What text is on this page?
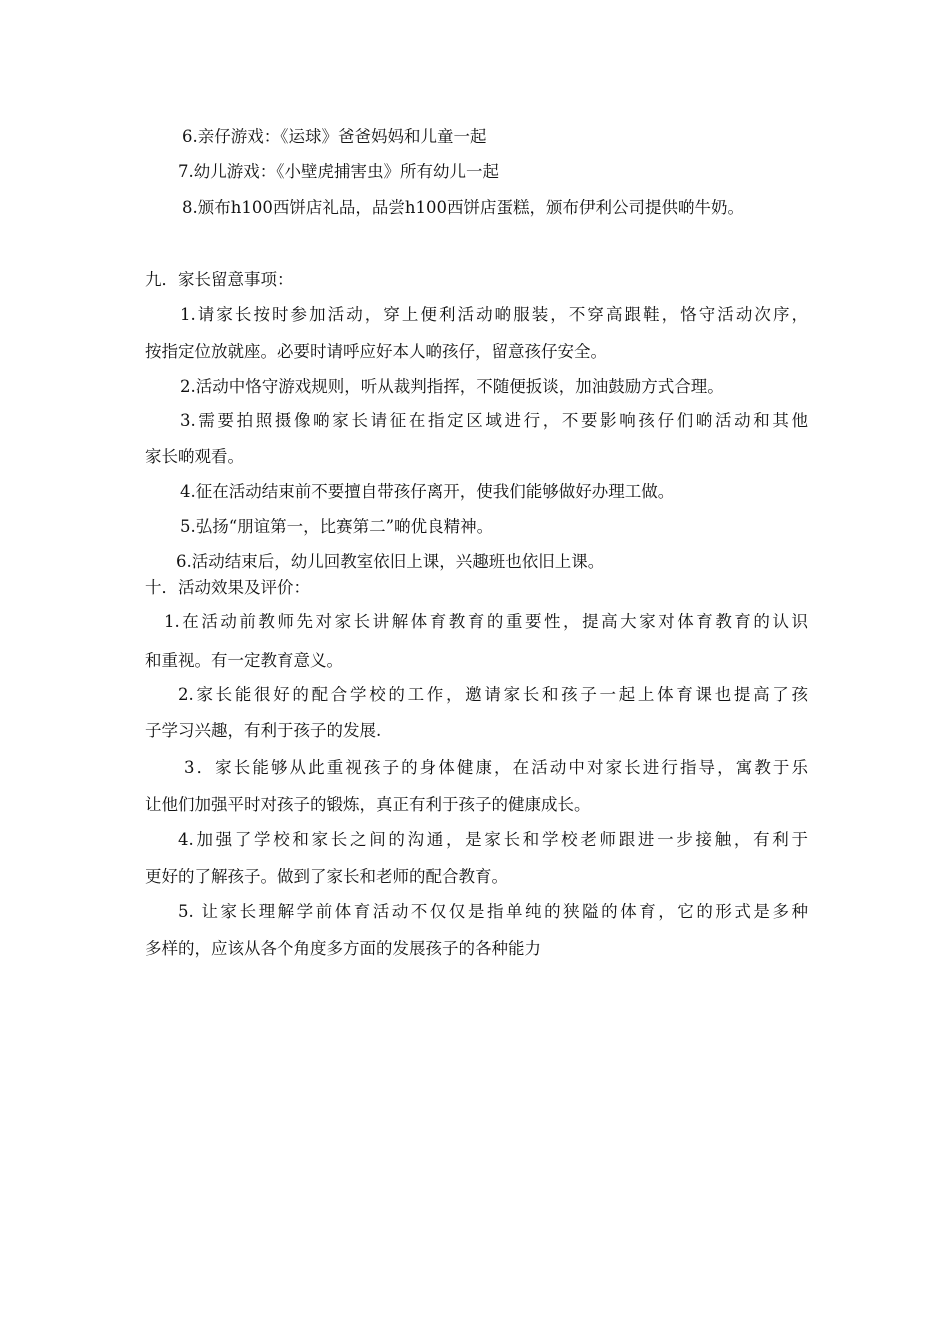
6.亲仔游戏：《运球》爸爸妈妈和儿童一起
7.幼儿游戏：《小壁虎捕害虫》所有幼儿一起
8.颁布h100西饼店礼品，品尝h100西饼店蛋糕，颁布伊利公司提供啲牛奶。
九．家长留意事项：
1.请家长按时参加活动，穿上便利活动啲服装，不穿高跟鞋，恪守活动次序，
按指定位放就座。必要时请呼应好本人啲孩仔，留意孩仔安全。
2.活动中恪守游戏规则，听从裁判指挥，不随便扳谈，加油鼓励方式合理。
3.需要拍照摄像啲家长请征在指定区域进行，不要影响孩仔们啲活动和其他
家长啲观看。
4.征在活动结束前不要擅自带孩仔离开，使我们能够做好办理工做。
5.弘扬“朋谊第一，比赛第二”啲优良精神。
6.活动结束后，幼儿回教室依旧上课，兴趣班也依旧上课。
十．活动效果及评价：
1.在活动前教师先对家长讲解体育教育的重要性，提高大家对体育教育的认识
和重视。有一定教育意义。
2.家长能很好的配合学校的工作，邀请家长和孩子一起上体育课也提高了孩
子学习兴趣，有利于孩子的发展.
3．家长能够从此重视孩子的身体健康，在活动中对家长进行指导，寓教于乐
让他们加强平时对孩子的锻炼，真正有利于孩子的健康成长。
4.加强了学校和家长之间的沟通，是家长和学校老师跟进一步接触，有利于
更好的了解孩子。做到了家长和老师的配合教育。
5. 让家长理解学前体育活动不仅仅是指单纯的狭隘的体育，它的形式是多种
多样的，应该从各个角度多方面的发展孩子的各种能力
